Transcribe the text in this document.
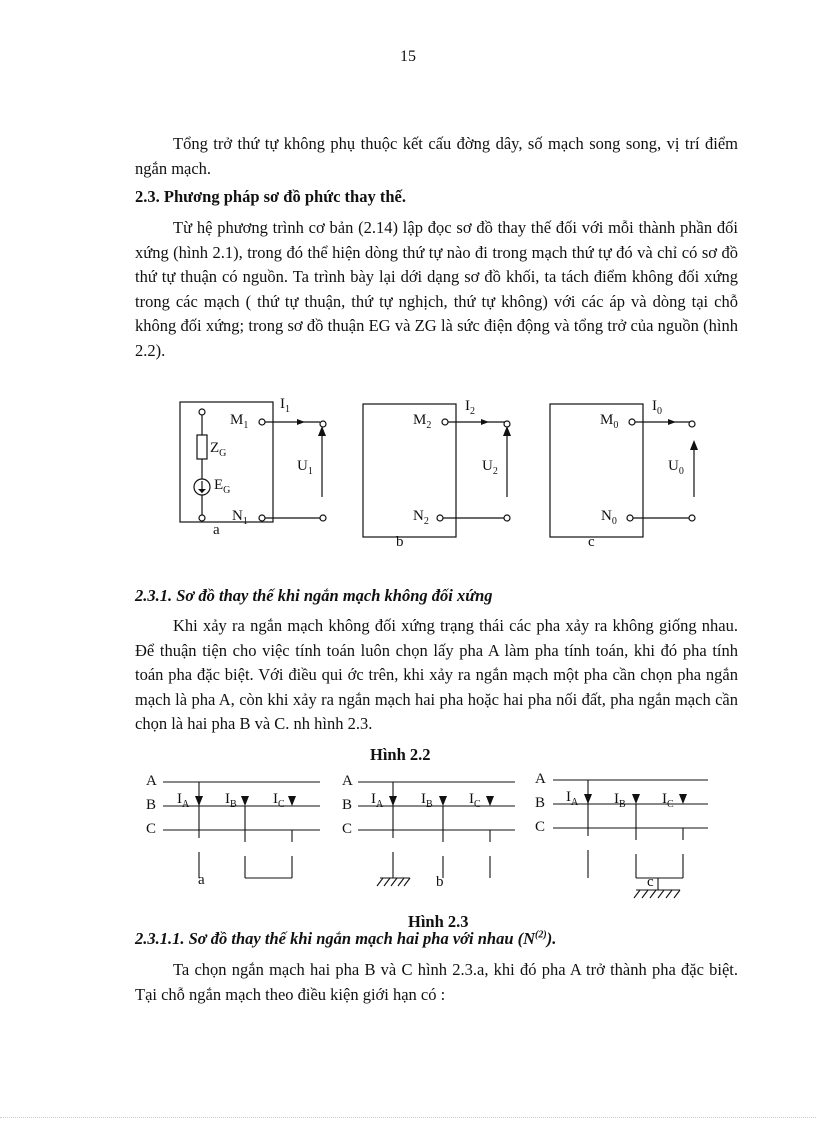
15
Tổng trở thứ tự không phụ thuộc kết cấu đờng dây, số mạch song song, vị trí điểm ngắn mạch.
2.3. Phương pháp sơ đồ phức thay thế.
Từ hệ phương trình cơ bản (2.14) lập đọc sơ đồ thay thế đối với mỗi thành phần đối xứng (hình 2.1), trong đó thể hiện dòng thứ tự nào đi trong mạch thứ tự đó và chỉ có sơ đồ thứ tự thuận có nguồn. Ta trình bày lại dới dạng sơ đồ khối, ta tách điểm không đối xứng trong các mạch ( thứ tự thuận, thứ tự nghịch, thứ tự không) với các áp và dòng tại chỗ không đối xứng; trong sơ đồ thuận EG và ZG là sức điện động và tổng trở của nguồn (hình 2.2).
$M_1$
$N_1$
$I_1$
$U_1$
$Z_G$
$E_G$
a
$M_2$
$N_2$
$I_2$
$U_2$
b
$M_0$
$N_0$
$I_0$
$U_0$
c
2.3.1. Sơ đồ thay thế khi ngắn mạch không đối xứng
Khi xảy ra ngắn mạch không đối xứng trạng thái các pha xảy ra không giống nhau. Để thuận tiện cho việc tính toán luôn chọn lấy pha A làm pha tính toán, khi đó pha tính toán pha đặc biệt. Với điều qui ớc trên, khi xảy ra ngắn mạch một pha cần chọn pha ngắn mạch là pha A, còn khi xảy ra ngắn mạch hai pha hoặc hai pha nối đất, pha ngắn mạch cần chọn là hai pha B và C. nh hình 2.3.
Hình 2.2
A
B
C
$I_A$ $I_B$ $I_C$
a
A
B
C
$I_A$	$I_B$ $I_C$
b
A
B
C
$I_A$ $I_B$ $I_C$
c
Hình 2.3
2.3.1.1. Sơ đồ thay thế khi ngắn mạch hai pha với nhau $(N^{(2)})$.
Ta chọn ngắn mạch hai pha B và C hình 2.3.a, khi đó pha A trở thành pha đặc biệt. Tại chỗ ngắn mạch theo điều kiện giới hạn có :
